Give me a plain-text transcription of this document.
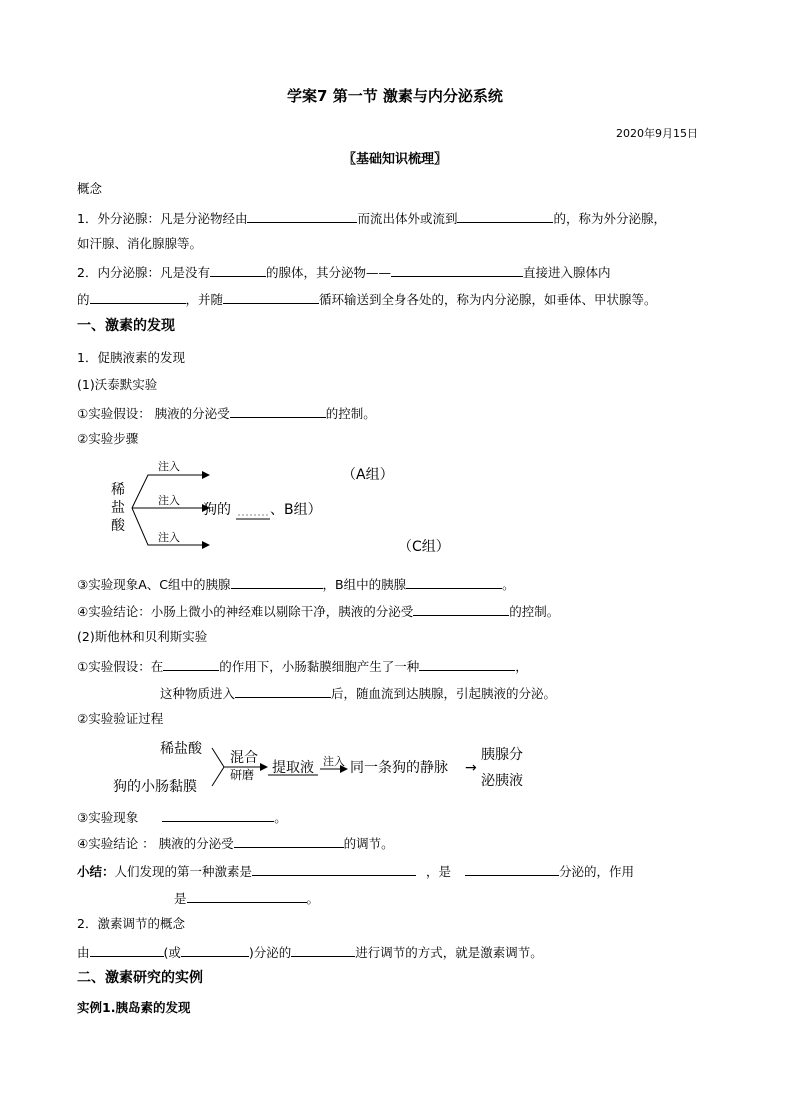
学案7 第一节 激素与内分泌系统
2020年9月15日
〖基础知识梳理〗
概念
1．外分泌腺：凡是分泌物经由	而流出体外或流到	的，称为外分泌腺，
如汗腺、消化腺腺等。
2．内分泌腺：凡是没有	的腺体，其分泌物——	直接进入腺体内
的	，并随	循环输送到全身各处的，称为内分泌腺，如垂体、甲状腺等。
一、激素的发现
1．促胰液素的发现
(1)沃泰默实验
①实验假设： 胰液的分泌受	的控制。
②实验步骤
稀
盐
酸
注入
注入
注入
（A组）
狗的	、B组）
（C组）
③实验现象A、C组中的胰腺	，B组中的胰腺	。
④实验结论：小肠上微小的神经难以剔除干净，胰液的分泌受	的控制。
(2)斯他林和贝利斯实验
①实验假设：在	的作用下，小肠黏膜细胞产生了一种	，
这种物质进入	后，随血流到达胰腺，引起胰液的分泌。
②实验验证过程
稀盐酸
狗的小肠黏膜
混合
研磨 提取液 注入 同一条狗的静脉 →
胰腺分
泌胰液
③实验现象	。
④实验结论 ： 胰液的分泌受	的调节。
小结：人们发现的第一种激素是	，是	分泌的，作用
是	。
2．激素调节的概念
由	(或	)分泌的	进行调节的方式，就是激素调节。
二、激素研究的实例
实例1.胰岛素的发现
